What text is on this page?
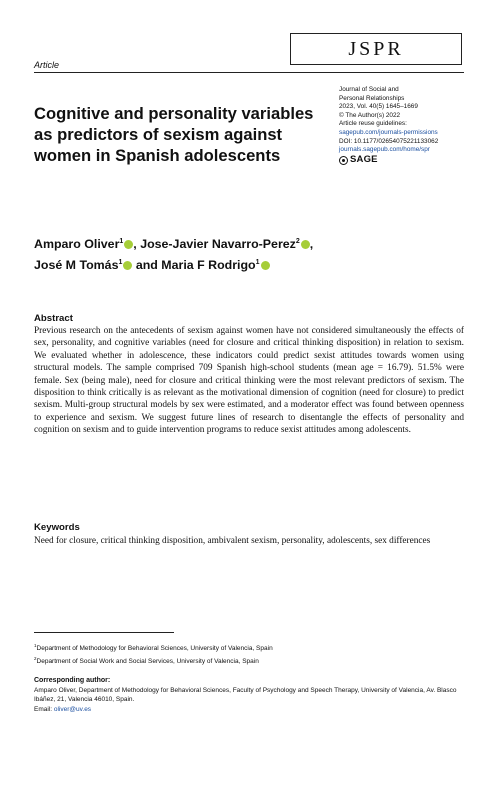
JSPR
Article
Cognitive and personality variables as predictors of sexism against women in Spanish adolescents
Journal of Social and
Personal Relationships
2023, Vol. 40(5) 1645–1669
© The Author(s) 2022
Article reuse guidelines:
sagepub.com/journals-permissions
DOI: 10.1177/02654075221133062
journals.sagepub.com/home/spr
SAGE
Amparo Oliver$^1$ , Jose-Javier Navarro-Perez$^2$ ,
José M Tomás$^1$ and Maria F Rodrigo$^1$
Abstract
Previous research on the antecedents of sexism against women have not considered simultaneously the effects of sex, personality, and cognitive variables (need for closure and critical thinking disposition) in relation to sexism. We evaluated whether in adolescence, these indicators could predict sexist attitudes towards women using structural models. The sample comprised 709 Spanish high-school students (mean age = 16.79). 51.5% were female. Sex (being male), need for closure and critical thinking were the most relevant predictors of sexism. The disposition to think critically is as relevant as the motivational dimension of cognition (need for closure) to predict sexism. Multi-group structural models by sex were estimated, and a moderator effect was found between openness to experience and sexism. We suggest future lines of research to disentangle the effects of personality and cognition on sexism and to guide intervention programs to reduce sexist attitudes among adolescents.
Keywords
Need for closure, critical thinking disposition, ambivalent sexism, personality, adolescents, sex differences
$^1$Department of Methodology for Behavioral Sciences, University of Valencia, Spain
$^2$Department of Social Work and Social Services, University of Valencia, Spain
Corresponding author:
Amparo Oliver, Department of Methodology for Behavioral Sciences, Faculty of Psychology and Speech Therapy, University of Valencia, Av. Blasco Ibáñez, 21, Valencia 46010, Spain.
Email: oliver@uv.es
